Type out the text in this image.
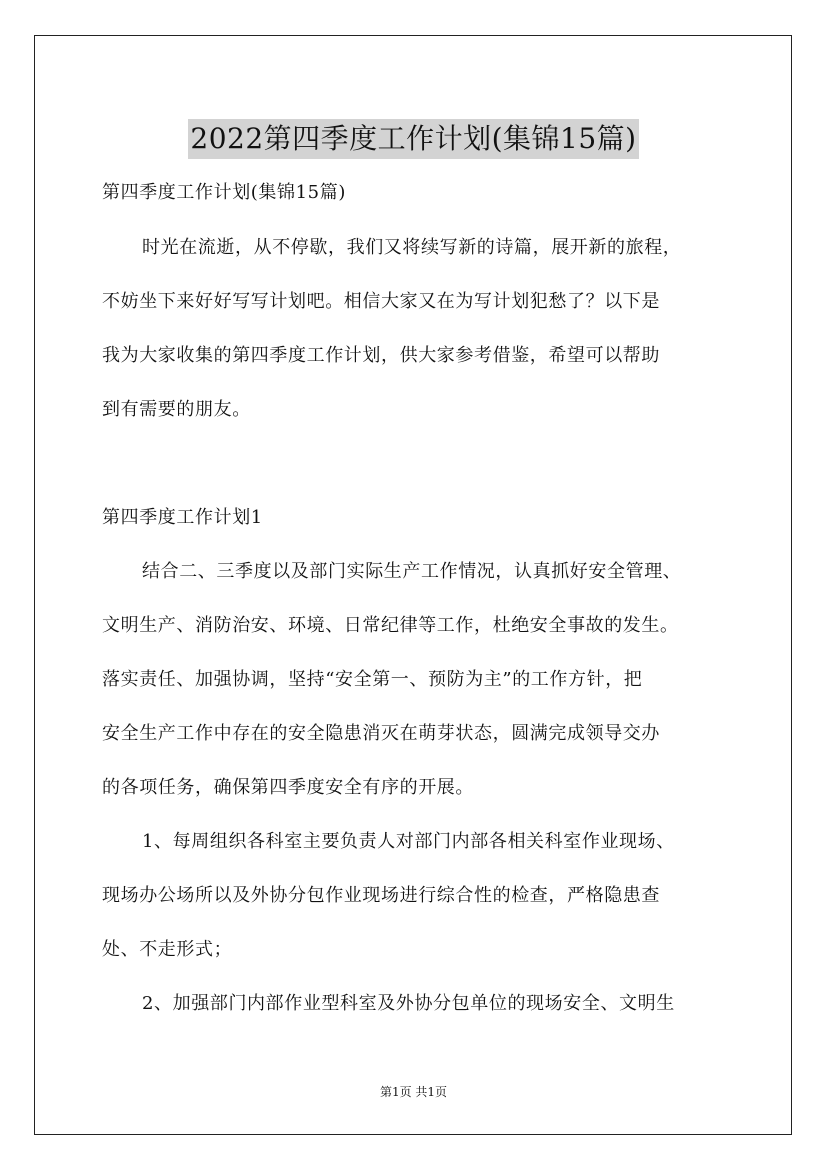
2022第四季度工作计划(集锦15篇)
第四季度工作计划(集锦15篇)
时光在流逝，从不停歇，我们又将续写新的诗篇，展开新的旅程，
不妨坐下来好好写写计划吧。相信大家又在为写计划犯愁了？以下是
我为大家收集的第四季度工作计划，供大家参考借鉴，希望可以帮助
到有需要的朋友。
第四季度工作计划1
结合二、三季度以及部门实际生产工作情况，认真抓好安全管理、
文明生产、消防治安、环境、日常纪律等工作，杜绝安全事故的发生。
落实责任、加强协调，坚持“安全第一、预防为主”的工作方针，把
安全生产工作中存在的安全隐患消灭在萌芽状态，圆满完成领导交办
的各项任务，确保第四季度安全有序的开展。
1、每周组织各科室主要负责人对部门内部各相关科室作业现场、
现场办公场所以及外协分包作业现场进行综合性的检查，严格隐患查
处、不走形式；
2、加强部门内部作业型科室及外协分包单位的现场安全、文明生
第1页 共1页
